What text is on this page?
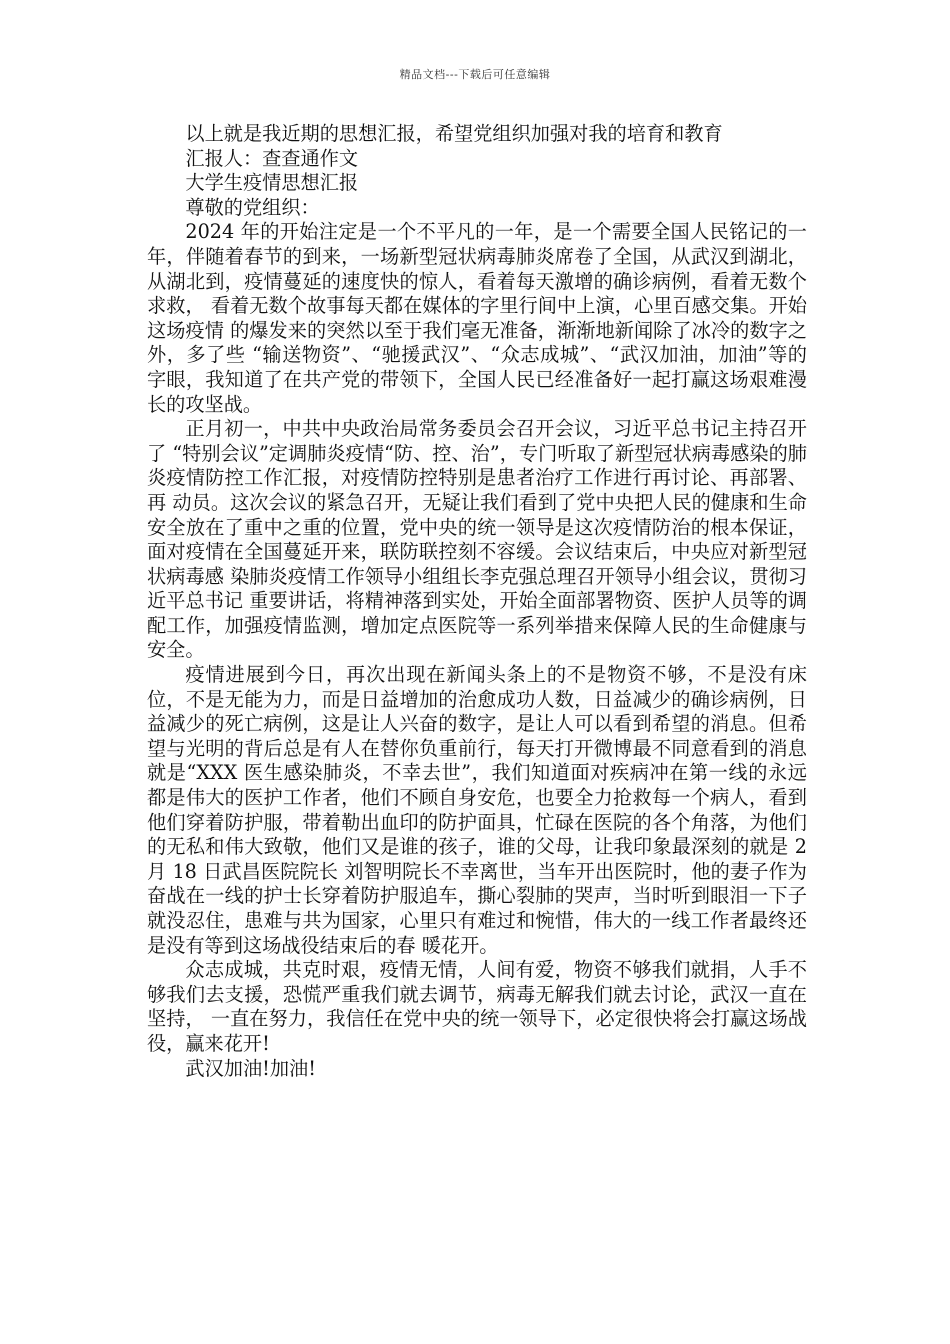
精品文档---下载后可任意编辑

以上就是我近期的思想汇报，希望党组织加强对我的培育和教育

汇报人：查查通作文

大学生疫情思想汇报

尊敬的党组织：

2024 年的开始注定是一个不平凡的一年，是一个需要全国人民铭记的一年，伴随着春节的到来，一场新型冠状病毒肺炎席卷了全国，从武汉到湖北，从湖北到，疫情蔓延的速度快的惊人，看着每天激增的确诊病例，看着无数个求救， 看着无数个故事每天都在媒体的字里行间中上演，心里百感交集。开始这场疫情 的爆发来的突然以至于我们毫无准备，渐渐地新闻除了冰冷的数字之外，多了些 “输送物资”、“驰援武汉”、“众志成城”、“武汉加油，加油”等的字眼，我知道了在共产党的带领下，全国人民已经准备好一起打赢这场艰难漫长的攻坚战。

正月初一，中共中央政治局常务委员会召开会议，习近平总书记主持召开了 “特别会议”定调肺炎疫情“防、控、治”，专门听取了新型冠状病毒感染的肺 炎疫情防控工作汇报，对疫情防控特别是患者治疗工作进行再讨论、再部署、再 动员。这次会议的紧急召开，无疑让我们看到了党中央把人民的健康和生命安全放在了重中之重的位置，党中央的统一领导是这次疫情防治的根本保证，面对疫情在全国蔓延开来，联防联控刻不容缓。会议结束后，中央应对新型冠状病毒感 染肺炎疫情工作领导小组组长李克强总理召开领导小组会议，贯彻习近平总书记 重要讲话，将精神落到实处，开始全面部署物资、医护人员等的调配工作，加强疫情监测，增加定点医院等一系列举措来保障人民的生命健康与安全。

疫情进展到今日，再次出现在新闻头条上的不是物资不够，不是没有床位，不是无能为力，而是日益增加的治愈成功人数，日益减少的确诊病例，日益减少的死亡病例，这是让人兴奋的数字，是让人可以看到希望的消息。但希望与光明的背后总是有人在替你负重前行，每天打开微博最不同意看到的消息就是“XXX 医生感染肺炎，不幸去世”，我们知道面对疾病冲在第一线的永远都是伟大的医护工作者，他们不顾自身安危，也要全力抢救每一个病人，看到他们穿着防护服，带着勒出血印的防护面具，忙碌在医院的各个角落，为他们的无私和伟大致敬，他们又是谁的孩子，谁的父母，让我印象最深刻的就是 2 月 18 日武昌医院院长 刘智明院长不幸离世，当车开出医院时，他的妻子作为奋战在一线的护士长穿着防护服追车，撕心裂肺的哭声，当时听到眼泪一下子就没忍住，患难与共为国家，心里只有难过和惋惜，伟大的一线工作者最终还是没有等到这场战役结束后的春 暖花开。

众志成城，共克时艰，疫情无情，人间有爱，物资不够我们就捐，人手不够我们去支援，恐慌严重我们就去调节，病毒无解我们就去讨论，武汉一直在坚持， 一直在努力，我信任在党中央的统一领导下，必定很快将会打赢这场战役，赢来花开!

武汉加油!加油!
